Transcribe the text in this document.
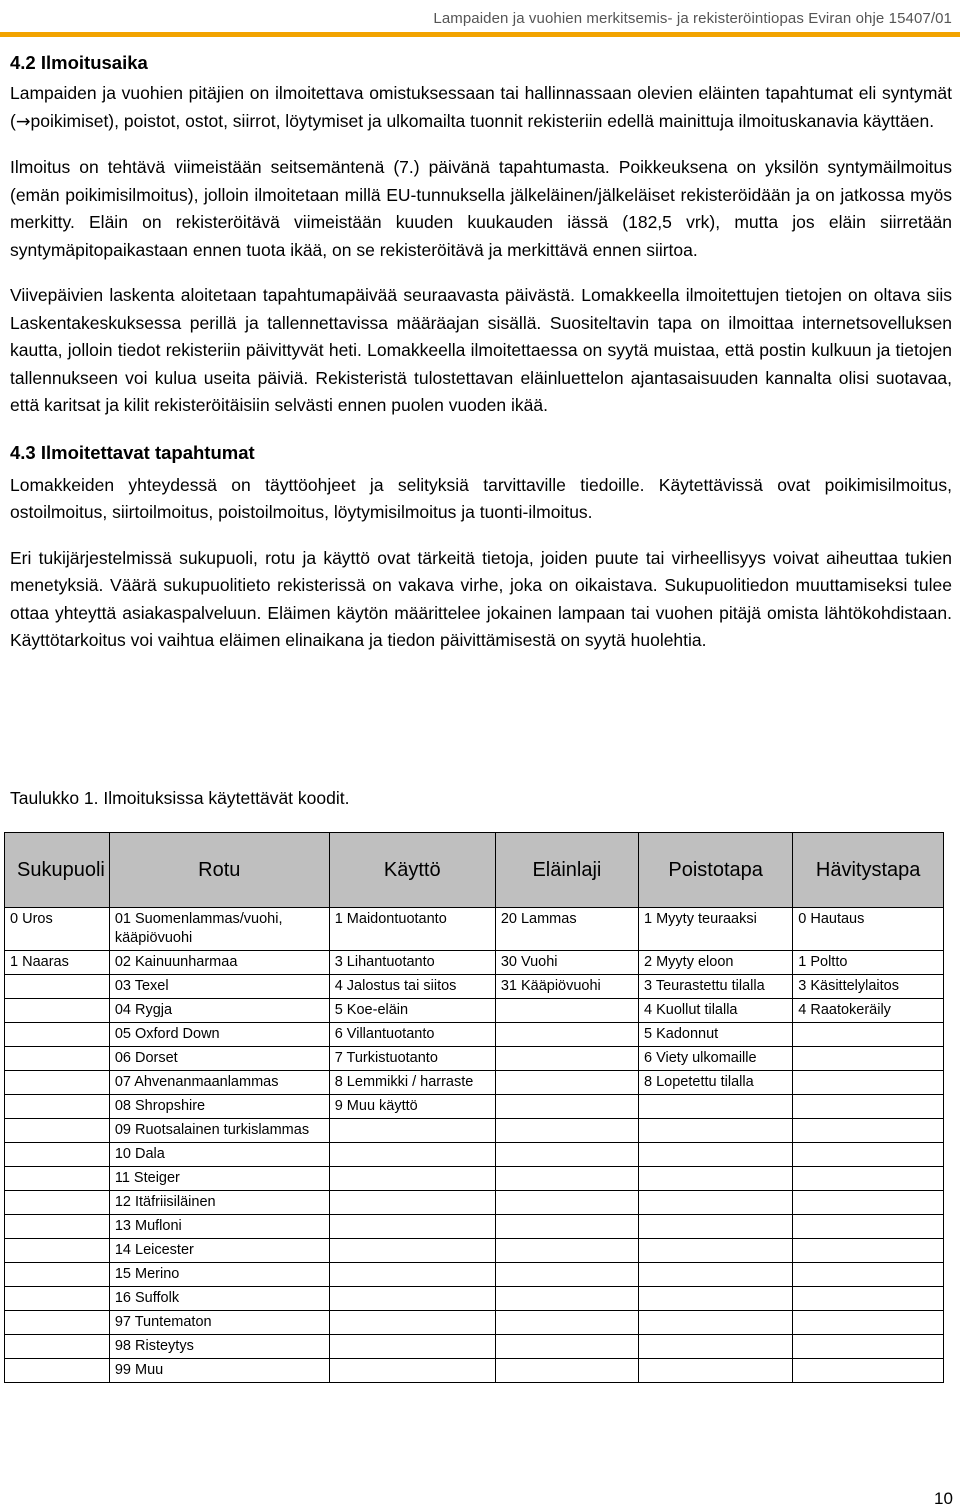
Lampaiden ja vuohien merkitsemis- ja rekisteröintiopas Eviran ohje 15407/01
4.2 Ilmoitusaika

Lampaiden ja vuohien pitäjien on ilmoitettava omistuksessaan tai hallinnassaan olevien eläinten tapahtumat eli syntymät (→poikimiset), poistot, ostot, siirrot, löytymiset ja ulkomailta tuonnit rekisteriin edellä mainittuja ilmoituskanavia käyttäen.

Ilmoitus on tehtävä viimeistään seitsemäntenä (7.) päivänä tapahtumasta. Poikkeuksena on yksilön syntymäilmoitus (emän poikimisilmoitus), jolloin ilmoitetaan millä EU-tunnuksella jälkeläinen/jälkeläiset rekisteröidään ja on jatkossa myös merkitty. Eläin on rekisteröitävä viimeistään kuuden kuukauden iässä (182,5 vrk), mutta jos eläin siirretään syntymäpitopaikastaan ennen tuota ikää, on se rekisteröitävä ja merkittävä ennen siirtoa.

Viivepäivien laskenta aloitetaan tapahtumapäivää seuraavasta päivästä. Lomakkeella ilmoitettujen tietojen on oltava siis Laskentakeskuksessa perillä ja tallennettavissa määräajan sisällä. Suositeltavin tapa on ilmoittaa internetsovelluksen kautta, jolloin tiedot rekisteriin päivittyvät heti. Lomakkeella ilmoitettaessa on syytä muistaa, että postin kulkuun ja tietojen tallennukseen voi kulua useita päiviä. Rekisteristä tulostettavan eläinluettelon ajantasaisuuden kannalta olisi suotavaa, että karitsat ja kilit rekisteröitäisiin selvästi ennen puolen vuoden ikää.

4.3 Ilmoitettavat tapahtumat

Lomakkeiden yhteydessä on täyttöohjeet ja selityksiä tarvittaville tiedoille. Käytettävissä ovat poikimisilmoitus, ostoilmoitus, siirtoilmoitus, poistoilmoitus, löytymisilmoitus ja tuonti-ilmoitus.

Eri tukijärjestelmissä sukupuoli, rotu ja käyttö ovat tärkeitä tietoja, joiden puute tai virheellisyys voivat aiheuttaa tukien menetyksiä. Väärä sukupuolitieto rekisterissä on vakava virhe, joka on oikaistava. Sukupuolitiedon muuttamiseksi tulee ottaa yhteyttä asiakaspalveluun. Eläimen käytön määrittelee jokainen lampaan tai vuohen pitäjä omista lähtökohdistaan. Käyttötarkoitus voi vaihtua eläimen elinaikana ja tiedon päivittämisestä on syytä huolehtia.

Taulukko 1. Ilmoituksissa käytettävät koodit.

Sukupuoli	Rotu	Käyttö	Eläinlaji	Poistotapa	Hävitystapa
0 Uros	01 Suomenlammas/vuohi, kääpiövuohi	1 Maidontuotanto	20 Lammas	1 Myyty teuraaksi	0 Hautaus
1 Naaras	02 Kainuunharmaa	3 Lihantuotanto	30 Vuohi	2 Myyty eloon	1 Poltto
	03 Texel	4 Jalostus tai siitos	31 Kääpiövuohi	3 Teurastettu tilalla	3 Käsittelylaitos
	04 Rygja	5 Koe-eläin		4 Kuollut tilalla	4 Raatokeräily
	05 Oxford Down	6 Villantuotanto		5 Kadonnut	
	06 Dorset	7 Turkistuotanto		6 Viety ulkomaille	
	07 Ahvenanmaanlammas	8 Lemmikki / harraste		8 Lopetettu tilalla	
	08 Shropshire	9 Muu käyttö			
	09 Ruotsalainen turkislammas				
	10 Dala				
	11 Steiger				
	12 Itäfriisiläinen				
	13 Mufloni				
	14 Leicester				
	15 Merino				
	16 Suffolk				
	97 Tuntematon				
	98 Risteytys				
	99 Muu				
10
